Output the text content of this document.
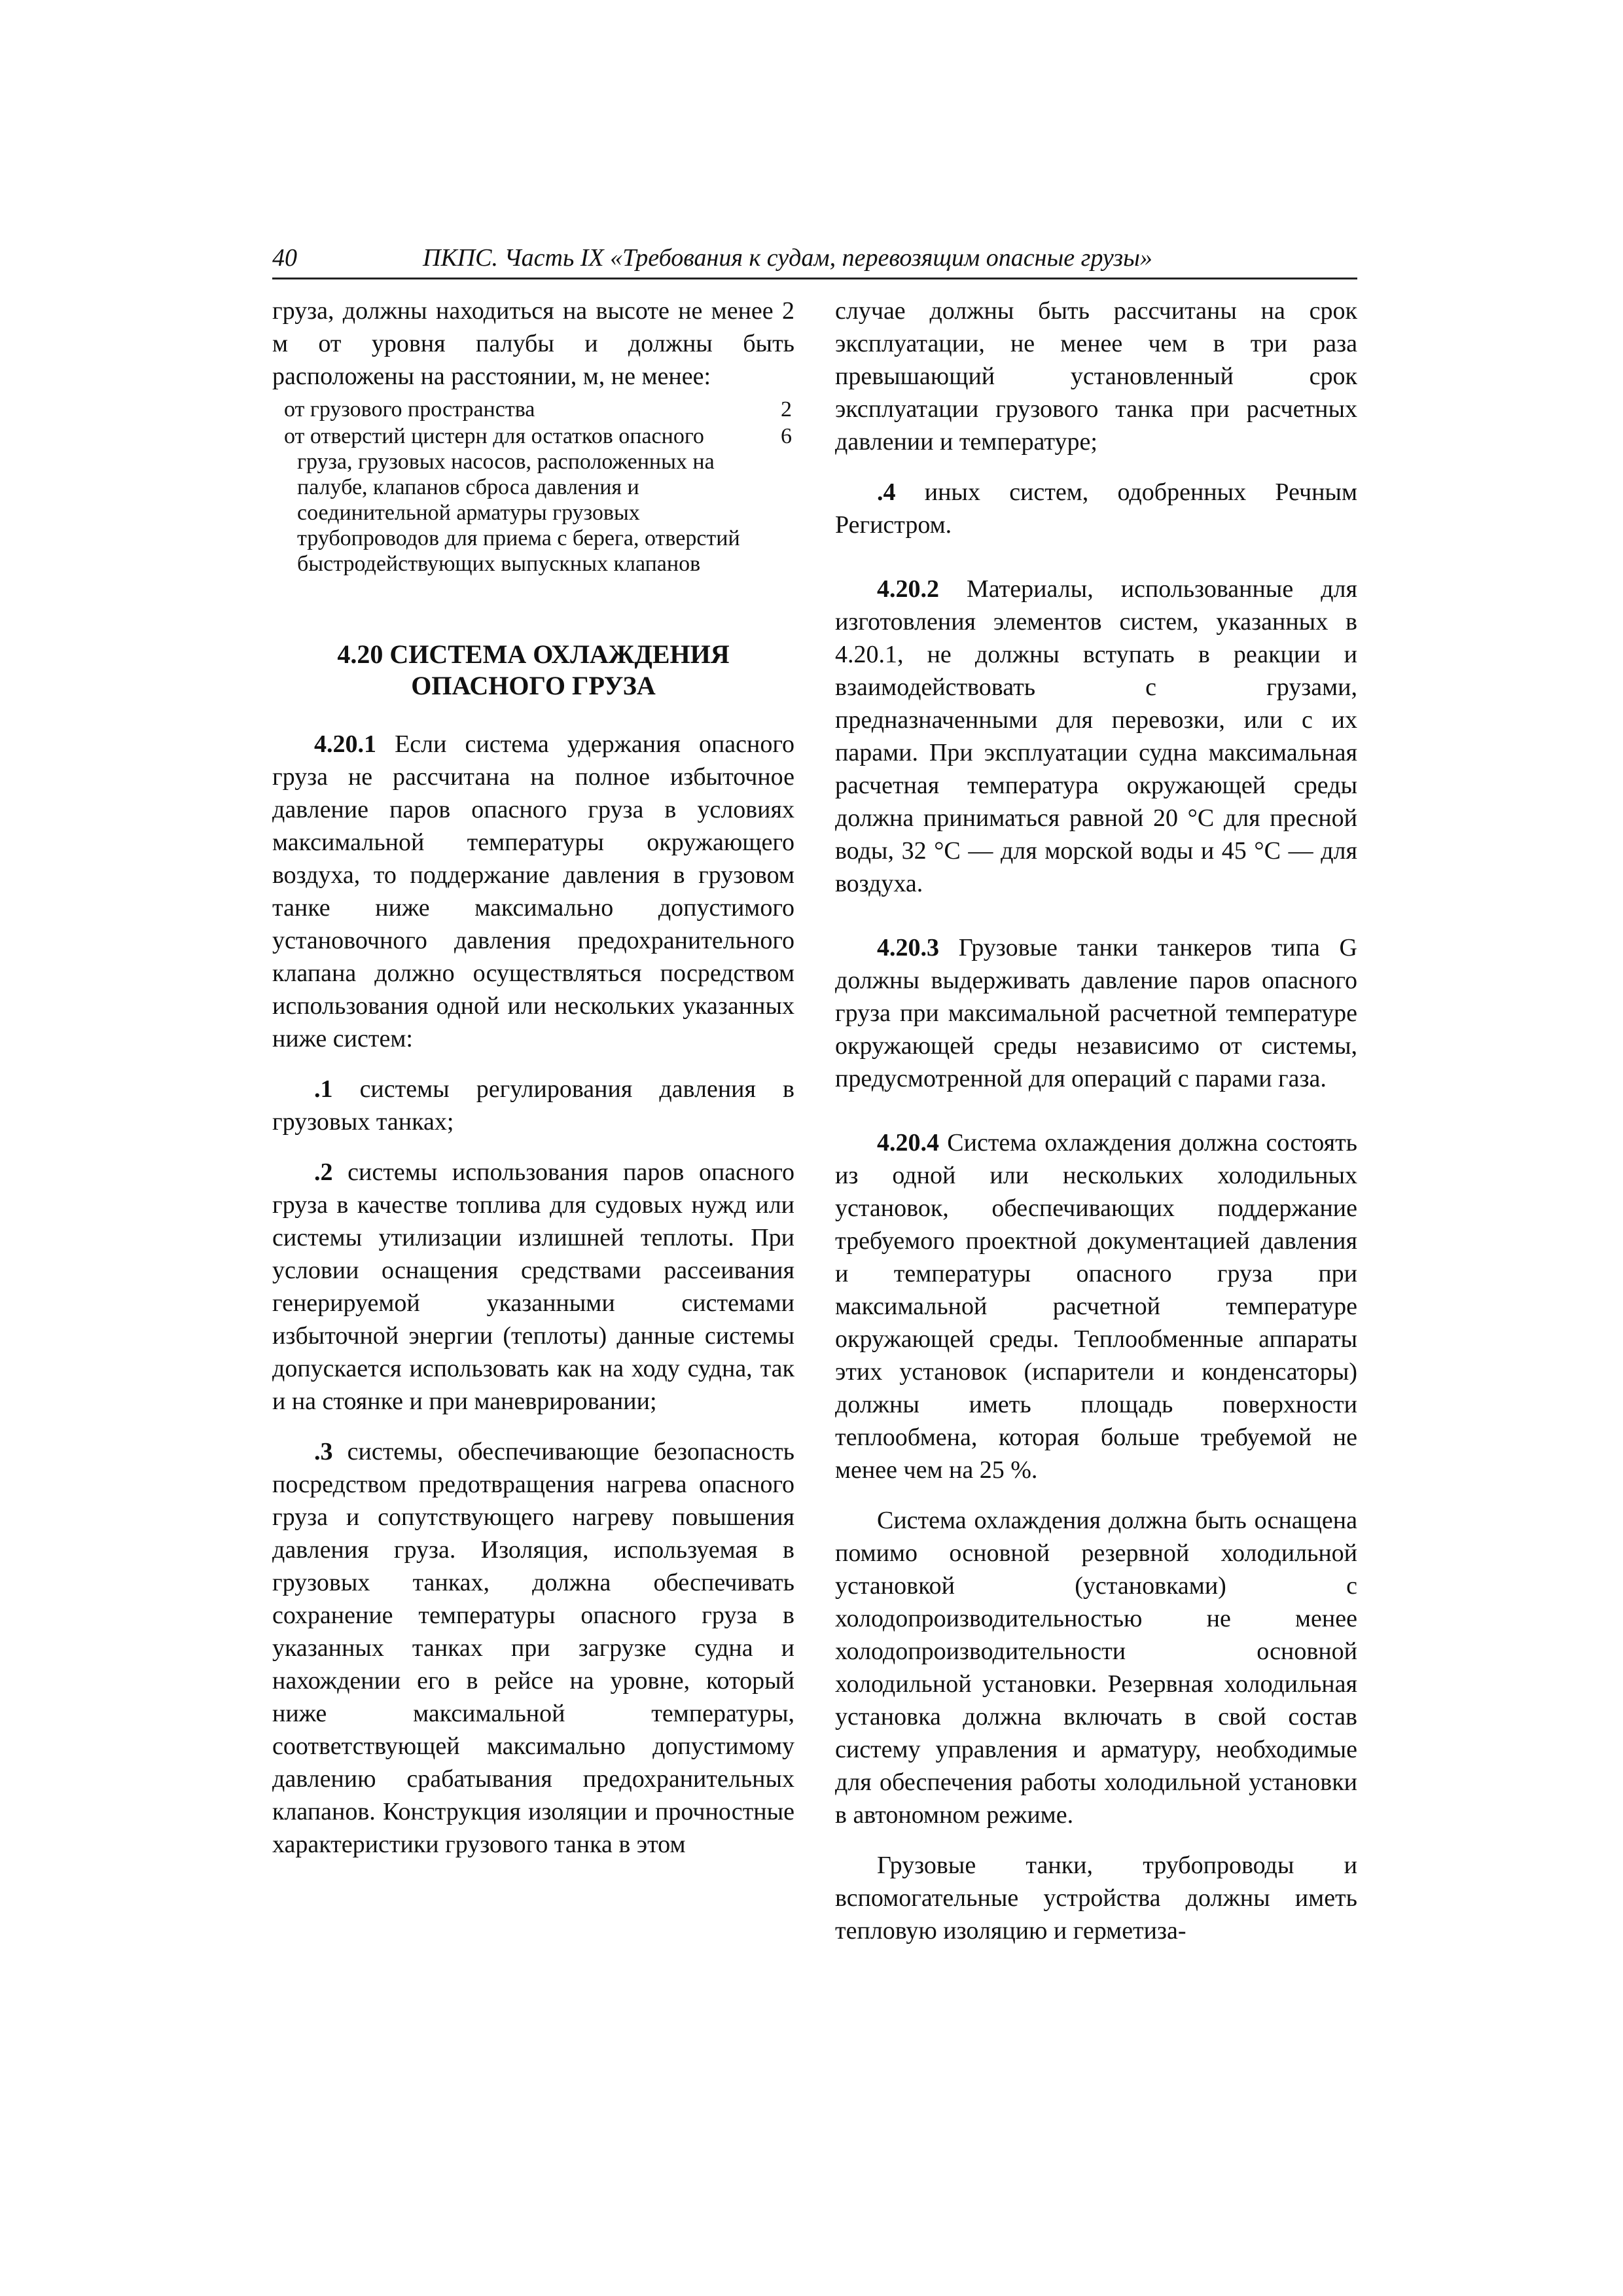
40	ПКПС. Часть IX «Требования к судам, перевозящим опасные грузы»

груза, должны находиться на высоте не менее 2 м от уровня палубы и должны быть расположены на расстоянии, м, не менее:

от грузового пространства	2
от отверстий цистерн для остатков опасного груза, грузовых насосов, расположенных на палубе, клапанов сброса давления и соединительной арматуры грузовых трубопроводов для приема с берега, отверстий быстродействующих выпускных клапанов
6
4.20 СИСТЕМА ОХЛАЖДЕНИЯ ОПАСНОГО ГРУЗА

4.20.1 Если система удержания опасного груза не рассчитана на полное избыточное давление паров опасного груза в условиях максимальной температуры окружающего воздуха, то поддержание давления в грузовом танке ниже максимально допустимого установочного давления предохранительного клапана должно осуществляться посредством использования одной или нескольких указанных ниже систем:

.1 системы регулирования давления в грузовых танках;

.2 системы использования паров опасного груза в качестве топлива для судовых нужд или системы утилизации излишней теплоты. При условии оснащения средствами рассеивания генерируемой указанными системами избыточной энергии (теплоты) данные системы допускается использовать как на ходу судна, так и на стоянке и при маневрировании;

.3 системы, обеспечивающие безопасность посредством предотвращения нагрева опасного груза и сопутствующего нагреву повышения давления груза. Изоляция, используемая в грузовых танках, должна обеспечивать сохранение температуры опасного груза в указанных танках при загрузке судна и нахождении его в рейсе на уровне, который ниже максимальной температуры, соответствующей максимально допустимому давлению срабатывания предохранительных клапанов. Конструкция изоляции и прочностные характеристики грузового танка в этом

случае должны быть рассчитаны на срок эксплуатации, не менее чем в три раза превышающий установленный срок эксплуатации грузового танка при расчетных давлении и температуре;

.4 иных систем, одобренных Речным Регистром.

4.20.2 Материалы, использованные для изготовления элементов систем, указанных в 4.20.1, не должны вступать в реакции и взаимодействовать с грузами, предназначенными для перевозки, или с их парами. При эксплуатации судна максимальная расчетная температура окружающей среды должна приниматься равной 20 °С для пресной воды, 32 °С — для морской воды и 45 °С — для воздуха.

4.20.3 Грузовые танки танкеров типа G должны выдерживать давление паров опасного груза при максимальной расчетной температуре окружающей среды независимо от системы, предусмотренной для операций с парами газа.

4.20.4 Система охлаждения должна состоять из одной или нескольких холодильных установок, обеспечивающих поддержание требуемого проектной документацией давления и температуры опасного груза при максимальной расчетной температуре окружающей среды. Теплообменные аппараты этих установок (испарители и конденсаторы) должны иметь площадь поверхности теплообмена, которая больше требуемой не менее чем на 25 %.

Система охлаждения должна быть оснащена помимо основной резервной холодильной установкой (установками) с холодопроизводительностью не менее холодопроизводительности основной холодильной установки. Резервная холодильная установка должна включать в свой состав систему управления и арматуру, необходимые для обеспечения работы холодильной установки в автономном режиме.

Грузовые танки, трубопроводы и вспомогательные устройства должны иметь тепловую изоляцию и герметиза-
